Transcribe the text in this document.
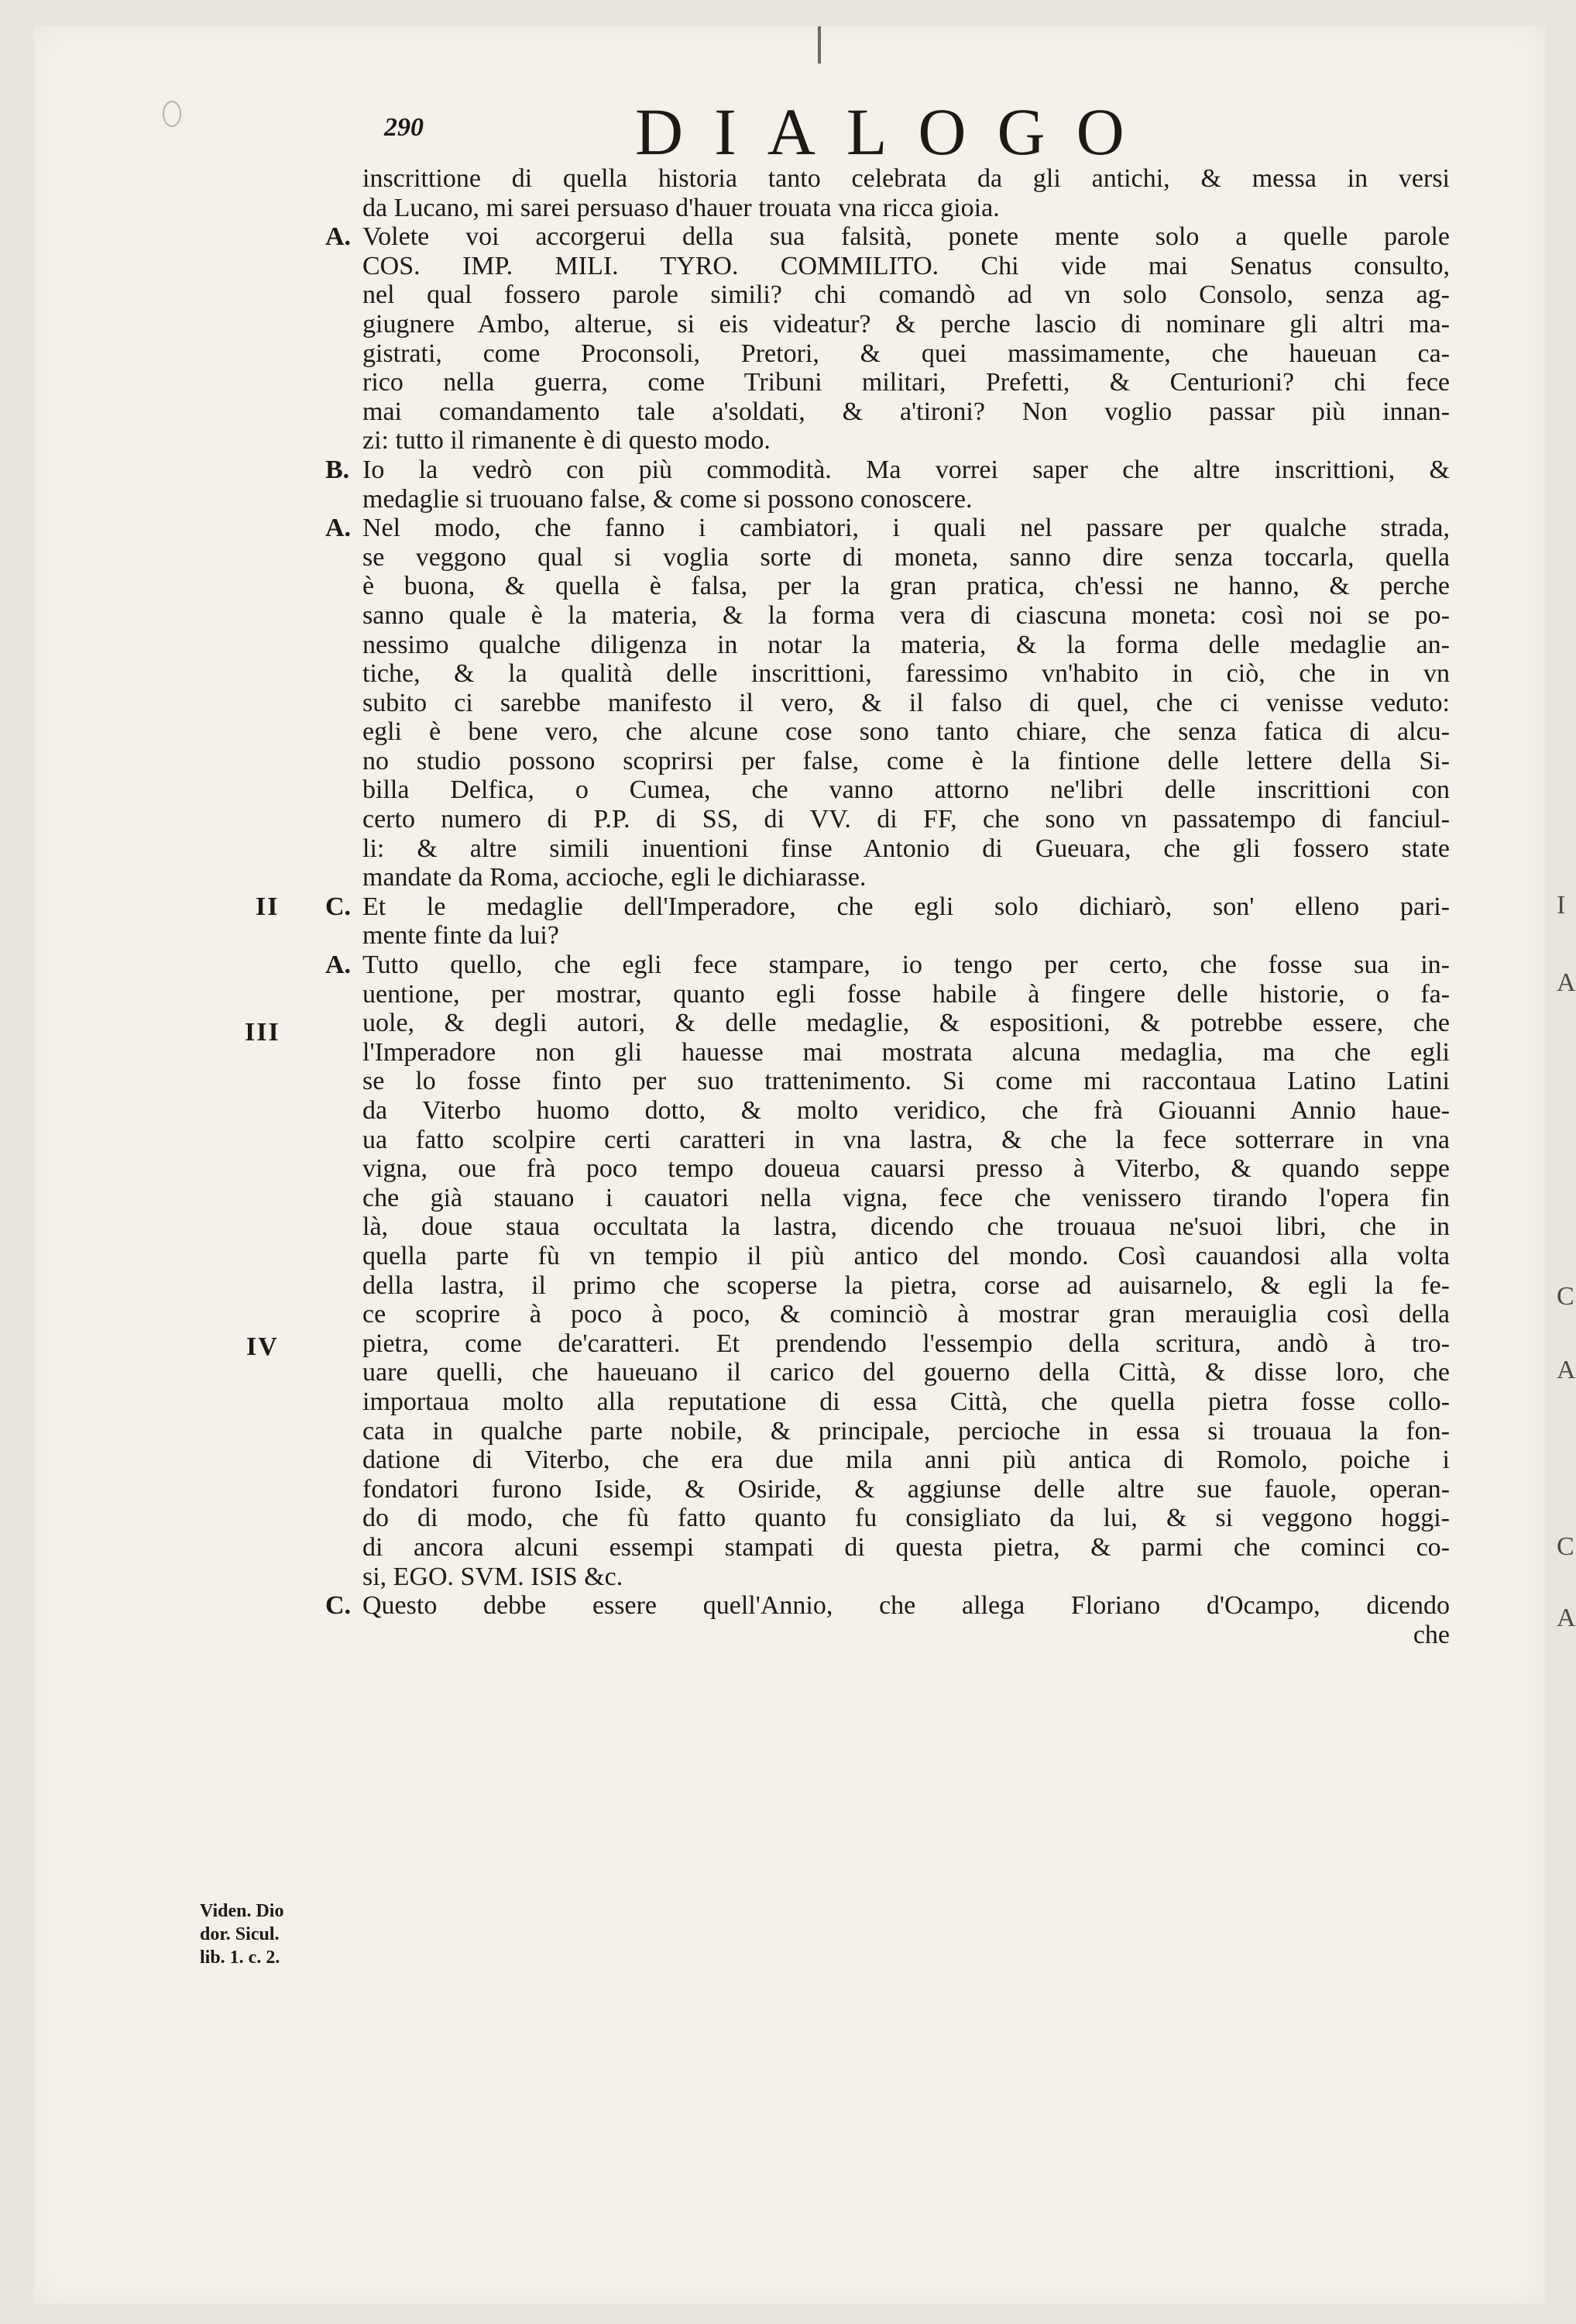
290	DIALOGO
inscrittione di quella historia tanto celebrata da gli antichi, & messa in versi
da Lucano, mi sarei persuaso d'hauer trouata vna ricca gioia.
A. Volete voi accorgerui della sua falsità, ponete mente solo a quelle parole
COS. IMP. MILI. TYRO. COMMILITO. Chi vide mai Senatus consulto,
nel qual fossero parole simili? chi comandò ad vn solo Consolo, senza ag-
giugnere Ambo, alterue, si eis videatur? & perche lascio di nominare gli altri ma-
gistrati, come Proconsoli, Pretori, & quei massimamente, che haueuan ca-
rico nella guerra, come Tribuni militari, Prefetti, & Centurioni? chi fece
mai comandamento tale a'soldati, & a'tironi? Non voglio passar più innan-
zi: tutto il rimanente è di questo modo.
B. Io la vedrò con più commodità. Ma vorrei saper che altre inscrittioni, &
medaglie si truouano false, & come si possono conoscere.
A. Nel modo, che fanno i cambiatori, i quali nel passare per qualche strada,
se veggono qual si voglia sorte di moneta, sanno dire senza toccarla, quella
è buona, & quella è falsa, per la gran pratica, ch'essi ne hanno, & perche
sanno quale è la materia, & la forma vera di ciascuna moneta: così noi se po-
nessimo qualche diligenza in notar la materia, & la forma delle medaglie an-
tiche, & la qualità delle inscrittioni, faressimo vn'habito in ciò, che in vn
subito ci sarebbe manifesto il vero, & il falso di quel, che ci venisse veduto:
egli è bene vero, che alcune cose sono tanto chiare, che senza fatica di alcu-
no studio possono scoprirsi per false, come è la fintione delle lettere della Si-
billa Delfica, o Cumea, che vanno attorno ne'libri delle inscrittioni con
certo numero di P.P. di SS, di VV. di FF, che sono vn passatempo di fanciul-
li: & altre simili inuentioni finse Antonio di Gueuara, che gli fossero state
mandate da Roma, accioche, egli le dichiarasse.
C. Et le medaglie dell'Imperadore, che egli solo dichiarò, son' elleno pari-
mente finte da lui?
A. Tutto quello, che egli fece stampare, io tengo per certo, che fosse sua in-
uentione, per mostrar, quanto egli fosse habile à fingere delle historie, o fa-
uole, & degli autori, & delle medaglie, & espositioni, & potrebbe essere, che
l'Imperadore non gli hauesse mai mostrata alcuna medaglia, ma che egli
se lo fosse finto per suo trattenimento. Si come mi raccontaua Latino Latini
da Viterbo huomo dotto, & molto veridico, che frà Giouanni Annio haue-
ua fatto scolpire certi caratteri in vna lastra, & che la fece sotterrare in vna
vigna, oue frà poco tempo doueua cauarsi presso à Viterbo, & quando seppe
che già stauano i cauatori nella vigna, fece che venissero tirando l'opera fin
là, doue staua occultata la lastra, dicendo che trouaua ne'suoi libri, che in
quella parte fù vn tempio il più antico del mondo. Così cauandosi alla volta
della lastra, il primo che scoperse la pietra, corse ad auisarnelo, & egli la fe-
ce scoprire à poco à poco, & cominciò à mostrar gran merauiglia così della
pietra, come de'caratteri. Et prendendo l'essempio della scritura, andò à tro-
uare quelli, che haueuano il carico del gouerno della Città, & disse loro, che
importaua molto alla reputatione di essa Città, che quella pietra fosse collo-
cata in qualche parte nobile, & principale, percioche in essa si trouaua la fon-
datione di Viterbo, che era due mila anni più antica di Romolo, poiche i
fondatori furono Iside, & Osiride, & aggiunse delle altre sue fauole, operan-
do di modo, che fù fatto quanto fu consigliato da lui, & si veggono hoggi-
di ancora alcuni essempi stampati di questa pietra, & parmi che cominci co-
si, EGO. SVM. ISIS &c.
C. Questo debbe essere quell'Annio, che allega Floriano d'Ocampo, dicendo
che
II
III
IV
Viden. Dio
dor. Sicul.
lib. 1. c. 2.
I
A
C
A
C
A
